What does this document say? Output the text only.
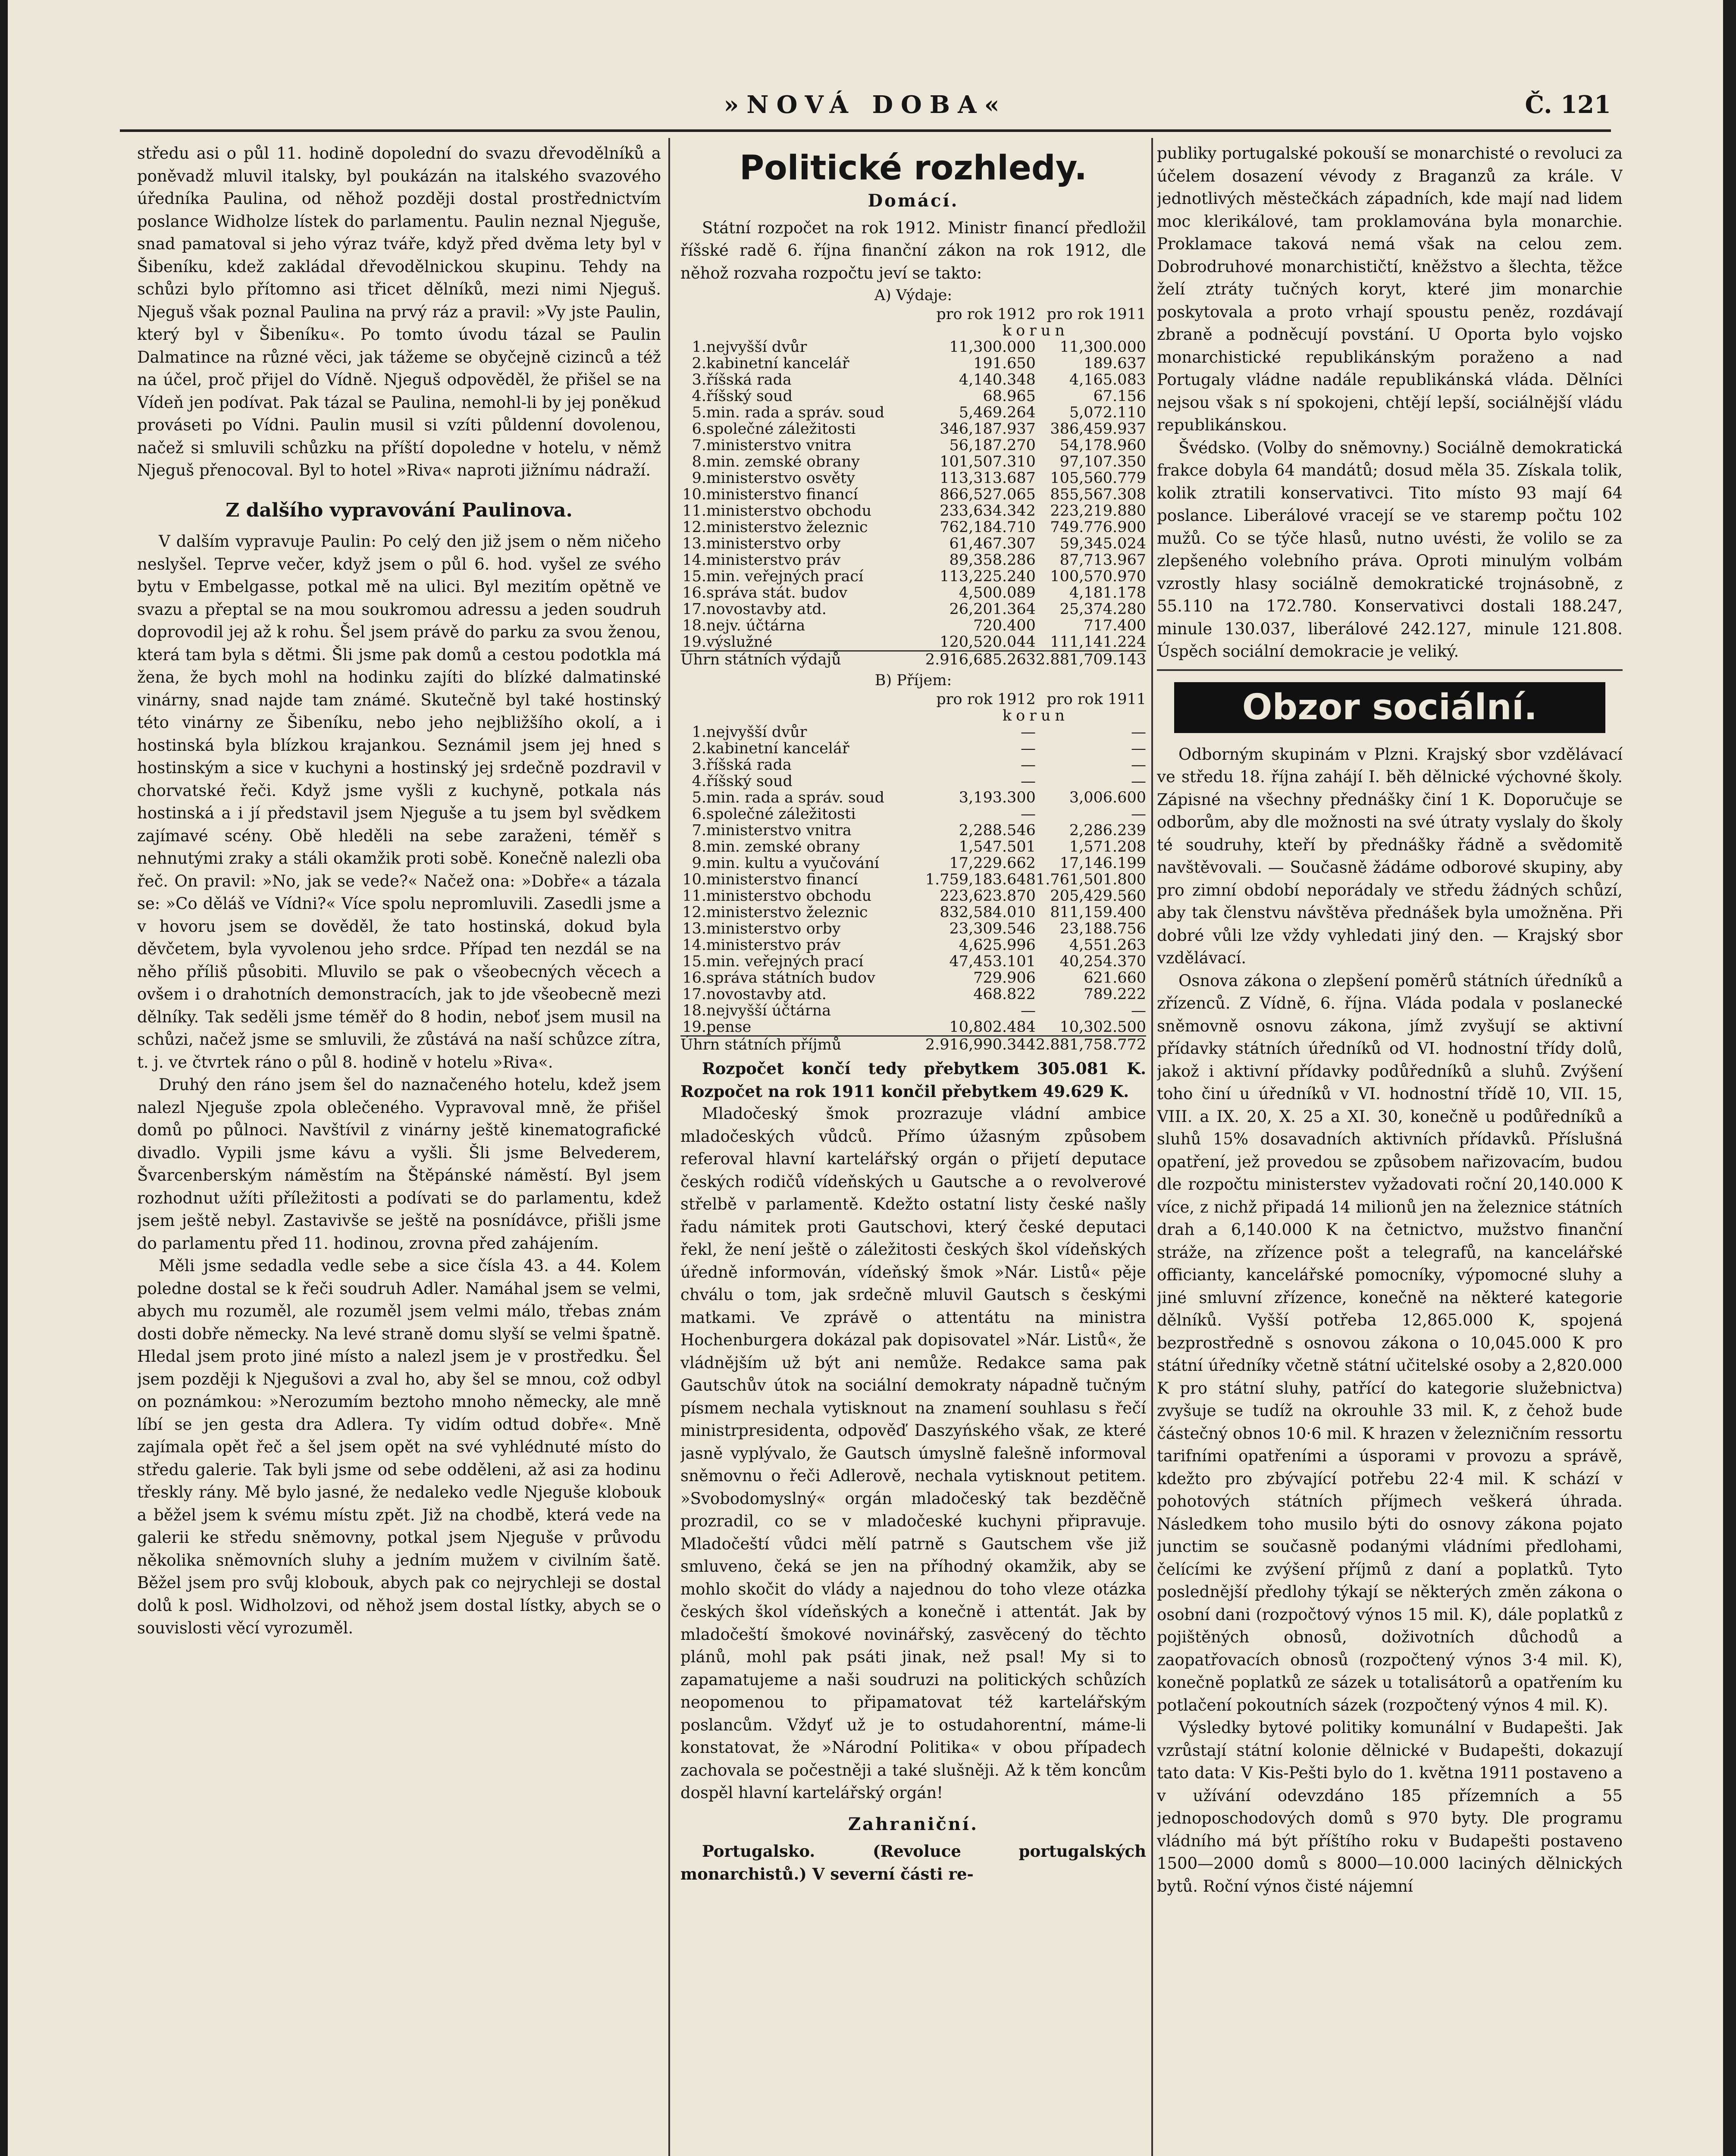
»NOVÁ DOBA«	Č. 121

středu asi o půl 11. hodině dopolední do svazu dřevodělníků a poněvadž mluvil italsky, byl poukázán na italského svazového úředníka Paulina, od něhož později dostal prostřednictvím poslance Widholze lístek do parlamentu. Paulin neznal Njeguše, snad pamatoval si jeho výraz tváře, když před dvěma lety byl v Šibeníku, kdež zakládal dřevodělnickou skupinu. Tehdy na schůzi bylo přítomno asi třicet dělníků, mezi nimi Njeguš. Njeguš však poznal Paulina na prvý ráz a pravil: »Vy jste Paulin, který byl v Šibeníku«. Po tomto úvodu tázal se Paulin Dalmatince na různé věci, jak tážeme se obyčejně cizinců a též na účel, proč přijel do Vídně. Njeguš odpověděl, že přišel se na Vídeň jen podívat. Pak tázal se Paulina, nemohl-li by jej poněkud prováseti po Vídni. Paulin musil si vzíti půldenní dovolenou, načež si smluvili schůzku na příští dopoledne v hotelu, v němž Njeguš přenocoval. Byl to hotel »Riva« naproti jižnímu nádraží.

Z dalšího vypravování Paulinova.

V dalším vypravuje Paulin: Po celý den již jsem o něm ničeho neslyšel. Teprve večer, když jsem o půl 6. hod. vyšel ze svého bytu v Embelgasse, potkal mě na ulici. Byl mezitím opětně ve svazu a přeptal se na mou soukromou adressu a jeden soudruh doprovodil jej až k rohu. Šel jsem právě do parku za svou ženou, která tam byla s dětmi. Šli jsme pak domů a cestou podotkla má žena, že bych mohl na hodinku zajíti do blízké dalmatinské vinárny, snad najde tam známé. Skutečně byl také hostinský této vinárny ze Šibeníku, nebo jeho nejbližšího okolí, a i hostinská byla blízkou krajankou. Seznámil jsem jej hned s hostinským a sice v kuchyni a hostinský jej srdečně pozdravil v chorvatské řeči. Když jsme vyšli z kuchyně, potkala nás hostinská a i jí představil jsem Njeguše a tu jsem byl svědkem zajímavé scény. Obě hleděli na sebe zaraženi, téměř s nehnutými zraky a stáli okamžik proti sobě. Konečně nalezli oba řeč. On pravil: »No, jak se vede?« Načež ona: »Dobře« a tázala se: »Co děláš ve Vídni?« Více spolu nepromluvili. Zasedli jsme a v hovoru jsem se dověděl, že tato hostinská, dokud byla děvčetem, byla vyvolenou jeho srdce. Případ ten nezdál se na něho příliš působiti. Mluvilo se pak o všeobecných věcech a ovšem i o drahotních demonstracích, jak to jde všeobecně mezi dělníky. Tak seděli jsme téměř do 8 hodin, neboť jsem musil na schůzi, načež jsme se smluvili, že zůstává na naší schůzce zítra, t. j. ve čtvrtek ráno o půl 8. hodině v hotelu »Riva«.

Druhý den ráno jsem šel do naznačeného hotelu, kdež jsem nalezl Njeguše zpola oblečeného. Vypravoval mně, že přišel domů po půlnoci. Navštívil z vinárny ještě kinematografické divadlo. Vypili jsme kávu a vyšli. Šli jsme Belvederem, Švarcenberským náměstím na Štěpánské náměstí. Byl jsem rozhodnut užíti příležitosti a podívati se do parlamentu, kdež jsem ještě nebyl. Zastavivše se ještě na posnídávce, přišli jsme do parlamentu před 11. hodinou, zrovna před zahájením.

Měli jsme sedadla vedle sebe a sice čísla 43. a 44. Kolem poledne dostal se k řeči soudruh Adler. Namáhal jsem se velmi, abych mu rozuměl, ale rozuměl jsem velmi málo, třebas znám dosti dobře německy. Na levé straně domu slyší se velmi špatně. Hledal jsem proto jiné místo a nalezl jsem je v prostředku. Šel jsem později k Njegušovi a zval ho, aby šel se mnou, což odbyl on poznámkou: »Nerozumím beztoho mnoho německy, ale mně líbí se jen gesta dra Adlera. Ty vidím odtud dobře«. Mně zajímala opět řeč a šel jsem opět na své vyhlédnuté místo do středu galerie. Tak byli jsme od sebe odděleni, až asi za hodinu třeskly rány. Mě bylo jasné, že nedaleko vedle Njeguše klobouk a běžel jsem k svému místu zpět. Již na chodbě, která vede na galerii ke středu sněmovny, potkal jsem Njeguše v průvodu několika sněmovních sluhy a jedním mužem v civilním šatě. Běžel jsem pro svůj klobouk, abych pak co nejrychleji se dostal dolů k posl. Widholzovi, od něhož jsem dostal lístky, abych se o souvislosti věcí vyrozuměl.

Politické rozhledy.
Domácí.

Státní rozpočet na rok 1912. Ministr financí předložil říšské radě 6. října finanční zákon na rok 1912, dle něhož rozvaha rozpočtu jeví se takto:

A) Výdaje:
		pro rok 1912	pro rok 1911
		korun	
1.	nejvyšší dvůr	11,300.000	11,300.000
2.	kabinetní kancelář	191.650	189.637
3.	říšská rada	4,140.348	4,165.083
4.	říšský soud	68.965	67.156
5.	min. rada a správ. soud	5,469.264	5,072.110
6.	společné záležitosti	346,187.937	386,459.937
7.	ministerstvo vnitra	56,187.270	54,178.960
8.	min. zemské obrany	101,507.310	97,107.350
9.	ministerstvo osvěty	113,313.687	105,560.779
10.	ministerstvo financí	866,527.065	855,567.308
11.	ministerstvo obchodu	233,634.342	223,219.880
12.	ministerstvo železnic	762,184.710	749.776.900
13.	ministerstvo orby	61,467.307	59,345.024
14.	ministerstvo práv	89,358.286	87,713.967
15.	min. veřejných prací	113,225.240	100,570.970
16.	správa stát. budov	4,500.089	4,181.178
17.	novostavby atd.	26,201.364	25,374.280
18.	nejv. účtárna	720.400	717.400
19.	výslužné	120,520.044	111,141.224
Úhrn státních výdajů		2.916,685.263	2.881,709.143
B) Příjem:
		pro rok 1912	pro rok 1911
		korun	
1.	nejvyšší dvůr	—	—
2.	kabinetní kancelář	—	—
3.	říšská rada	—	—
4.	říšský soud	—	—
5.	min. rada a správ. soud	3,193.300	3,006.600
6.	společné záležitosti	—	—
7.	ministerstvo vnitra	2,288.546	2,286.239
8.	min. zemské obrany	1,547.501	1,571.208
9.	min. kultu a vyučování	17,229.662	17,146.199
10.	ministerstvo financí	1.759,183.648	1.761,501.800
11.	ministerstvo obchodu	223,623.870	205,429.560
12.	ministerstvo železnic	832,584.010	811,159.400
13.	ministerstvo orby	23,309.546	23,188.756
14.	ministerstvo práv	4,625.996	4,551.263
15.	min. veřejných prací	47,453.101	40,254.370
16.	správa státních budov	729.906	621.660
17.	novostavby atd.	468.822	789.222
18.	nejvyšší účtárna	—	—
19.	pense	10,802.484	10,302.500
Úhrn státních příjmů		2.916,990.344	2.881,758.772

Rozpočet končí tedy přebytkem 305.081 K. Rozpočet na rok 1911 končil přebytkem 49.629 K.

Mladočeský šmok prozrazuje vládní ambice mladočeských vůdců. Přímo úžasným způsobem referoval hlavní kartelářský orgán o přijetí deputace českých rodičů vídeňských u Gautsche a o revolverové střelbě v parlamentě. Kdežto ostatní listy české našly řadu námitek proti Gautschovi, který české deputaci řekl, že není ještě o záležitosti českých škol vídeňských úředně informován, vídeňský šmok »Nár. Listů« pěje chválu o tom, jak srdečně mluvil Gautsch s českými matkami. Ve zprávě o attentátu na ministra Hochenburgera dokázal pak dopisovatel »Nár. Listů«, že vládnějším už být ani nemůže. Redakce sama pak Gautschův útok na sociální demokraty nápadně tučným písmem nechala vytisknout na znamení souhlasu s řečí ministrpresidenta, odpověď Daszyńského však, ze které jasně vyplývalo, že Gautsch úmyslně falešně informoval sněmovnu o řeči Adlerově, nechala vytisknout petitem. »Svobodomyslný« orgán mladočeský tak bezděčně prozradil, co se v mladočeské kuchyni připravuje. Mladočeští vůdci mělí patrně s Gautschem vše již smluveno, čeká se jen na příhodný okamžik, aby se mohlo skočit do vlády a najednou do toho vleze otázka českých škol vídeňských a konečně i attentát. Jak by mladočeští šmokové novinářský, zasvěcený do těchto plánů, mohl pak psáti jinak, než psal! My si to zapamatujeme a naši soudruzi na politických schůzích neopomenou to připamatovat též kartelářským poslancům. Vždyť už je to ostudahorentní, máme-li konstatovat, že »Národní Politika« v obou případech zachovala se počestněji a také slušněji. Až k těm koncům dospěl hlavní kartelářský orgán!

Zahraniční.

Portugalsko. (Revoluce portugalských monarchistů.) V severní části re-

publiky portugalské pokouší se monarchisté o revoluci za účelem dosazení vévody z Braganzů za krále. V jednotlivých městečkách západních, kde mají nad lidem moc klerikálové, tam proklamována byla monarchie. Proklamace taková nemá však na celou zem. Dobrodruhové monarchističtí, kněžstvo a šlechta, těžce želí ztráty tučných koryt, které jim monarchie poskytovala a proto vrhají spoustu peněz, rozdávají zbraně a podněcují povstání. U Oporta bylo vojsko monarchistické republikánským poraženo a nad Portugaly vládne nadále republikánská vláda. Dělníci nejsou však s ní spokojeni, chtějí lepší, sociálnější vládu republikánskou.

Švédsko. (Volby do sněmovny.) Sociálně demokratická frakce dobyla 64 mandátů; dosud měla 35. Získala tolik, kolik ztratili konservativci. Tito místo 93 mají 64 poslance. Liberálové vracejí se ve staremp počtu 102 mužů. Co se týče hlasů, nutno uvésti, že volilo se za zlepšeného volebního práva. Oproti minulým volbám vzrostly hlasy sociálně demokratické trojnásobně, z 55.110 na 172.780. Konservativci dostali 188.247, minule 130.037, liberálové 242.127, minule 121.808. Úspěch sociální demokracie je veliký.

Obzor sociální.

Odborným skupinám v Plzni. Krajský sbor vzdělávací ve středu 18. října zahájí I. běh dělnické výchovné školy. Zápisné na všechny přednášky činí 1 K. Doporučuje se odborům, aby dle možnosti na své útraty vyslaly do školy té soudruhy, kteří by přednášky řádně a svědomitě navštěvovali. — Současně žádáme odborové skupiny, aby pro zimní období neporádaly ve středu žádných schůzí, aby tak členstvu návštěva přednášek byla umožněna. Při dobré vůli lze vždy vyhledati jiný den. — Krajský sbor vzdělávací.

Osnova zákona o zlepšení poměrů státních úředníků a zřízenců. Z Vídně, 6. října. Vláda podala v poslanecké sněmovně osnovu zákona, jímž zvyšují se aktivní přídavky státních úředníků od VI. hodnostní třídy dolů, jakož i aktivní přídavky podůředníků a sluhů. Zvýšení toho činí u úředníků v VI. hodnostní třídě 10, VII. 15, VIII. a IX. 20, X. 25 a XI. 30, konečně u podůředníků a sluhů 15% dosavadních aktivních přídavků. Příslušná opatření, jež provedou se způsobem nařizovacím, budou dle rozpočtu ministerstev vyžadovati roční 20,140.000 K více, z nichž připadá 14 milionů jen na železnice státních drah a 6,140.000 K na četnictvo, mužstvo finanční stráže, na zřízence pošt a telegrafů, na kancelářské officianty, kancelářské pomocníky, výpomocné sluhy a jiné smluvní zřízence, konečně na některé kategorie dělníků. Vyšší potřeba 12,865.000 K, spojená bezprostředně s osnovou zákona o 10,045.000 K pro státní úředníky včetně státní učitelské osoby a 2,820.000 K pro státní sluhy, patřící do kategorie služebnictva) zvyšuje se tudíž na okrouhle 33 mil. K, z čehož bude částečný obnos 10·6 mil. K hrazen v železničním ressortu tarifními opatřeními a úsporami v provozu a správě, kdežto pro zbývající potřebu 22·4 mil. K schází v pohotových státních příjmech veškerá úhrada. Následkem toho musilo býti do osnovy zákona pojato junctim se současně podanými vládními předlohami, čelícími ke zvýšení příjmů z daní a poplatků. Tyto poslednější předlohy týkají se některých změn zákona o osobní dani (rozpočtový výnos 15 mil. K), dále poplatků z pojištěných obnosů, doživotních důchodů a zaopatřovacích obnosů (rozpočtený výnos 3·4 mil. K), konečně poplatků ze sázek u totalisátorů a opatřením ku potlačení pokoutních sázek (rozpočtený výnos 4 mil. K).

Výsledky bytové politiky komunální v Budapešti. Jak vzrůstají státní kolonie dělnické v Budapešti, dokazují tato data: V Kis-Pešti bylo do 1. května 1911 postaveno a v užívání odevzdáno 185 přízemních a 55 jednoposchodových domů s 970 byty. Dle programu vládního má být příštího roku v Budapešti postaveno 1500—2000 domů s 8000—10.000 laciných dělnických bytů. Roční výnos čisté nájemní
